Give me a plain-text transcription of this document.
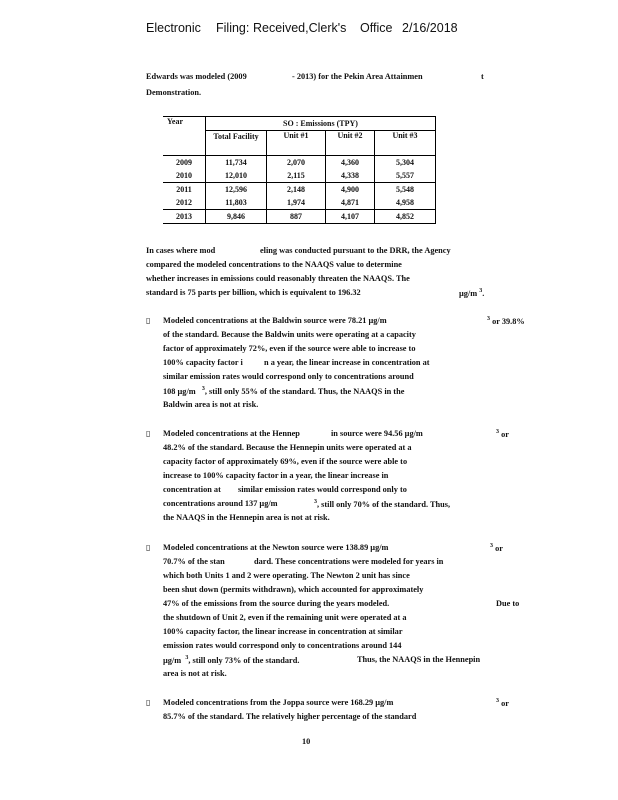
Electronic Filing: Received,Clerk's Office 2/16/2018
Edwards was modeled (2009	- 2013) for the Pekin Area Attainmen	t
Demonstration.
Year	SO : Emissions (TPY)			
	Total Facility	Unit #1	Unit #2	Unit #3
2009	11,734	2,070	4,360	5,304
2010	12,010	2,115	4,338	5,557
2011	12,596	2,148	4,900	5,548
2012	11,803	1,974	4,871	4,958
2013	9,846	887	4,107	4,852
In cases where mod	eling was conducted pursuant to the DRR, the Agency
compared the modeled concentrations to the NAAQS value to determine
whether increases in emissions could reasonably threaten the NAAQS. The
standard is 75 parts per billion, which is equivalent to 196.32	µg/m $^3$.
▯ Modeled concentrations at the Baldwin source were 78.21 µg/m	$^3$ or 39.8%
of the standard. Because the Baldwin units were operating at a capacity
factor of approximately 72%, even if the source were able to increase to
100% capacity factor i	n a year, the linear increase in concentration at
similar emission rates would correspond only to concentrations around
108 µg/m $^3$, still only 55% of the standard. Thus, the NAAQS in the
Baldwin area is not at risk.
▯ Modeled concentrations at the Hennep	in source were 94.56 µg/m	$^3$ or
48.2% of the standard. Because the Hennepin units were operated at a
capacity factor of approximately 69%, even if the source were able to
increase to 100% capacity factor in a year, the linear increase in
concentration at similar emission rates would correspond only to
concentrations around 137 µg/m	$^3$, still only 70% of the standard. Thus,
the NAAQS in the Hennepin area is not at risk.
▯ Modeled concentrations at the Newton source were 138.89 µg/m	$^3$ or
70.7% of the stan	dard. These concentrations were modeled for years in
which both Units 1 and 2 were operating. The Newton 2 unit has since
been shut down (permits withdrawn), which accounted for approximately
47% of the emissions from the source during the years modeled.	Due to
the shutdown of Unit 2, even if the remaining unit were operated at a
100% capacity factor, the linear increase in concentration at similar
emission rates would correspond only to concentrations around 144
µg/m $^3$, still only 73% of the standard.	Thus, the NAAQS in the Hennepin
area is not at risk.
▯ Modeled concentrations from the Joppa source were 168.29 µg/m	$^3$ or
85.7% of the standard. The relatively higher percentage of the standard
10
